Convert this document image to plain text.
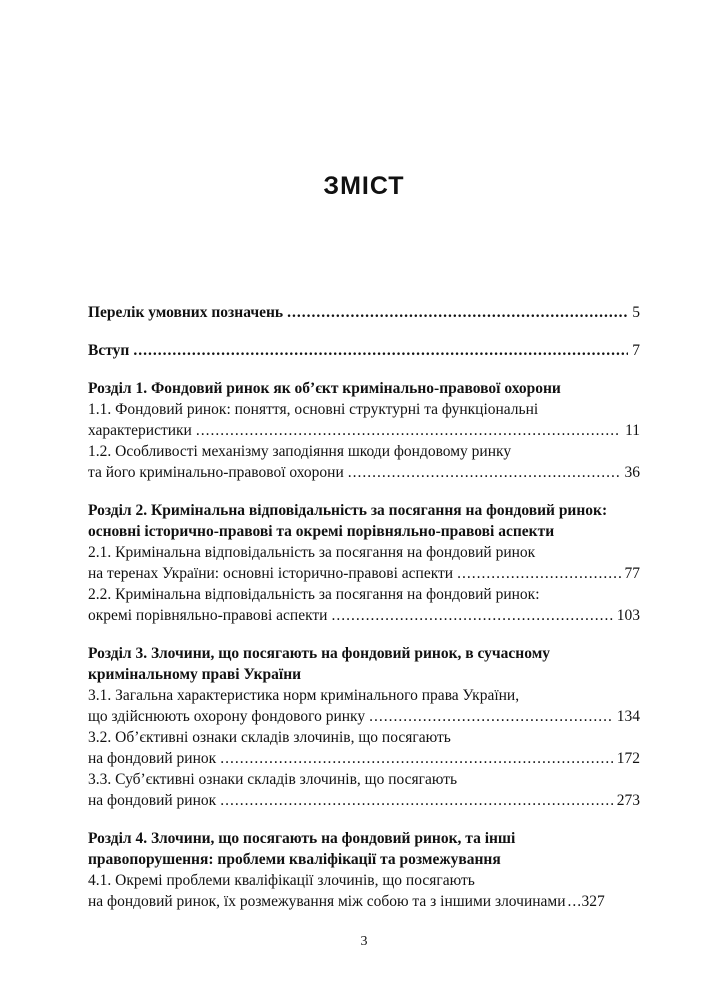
ЗМІСТ
Перелік умовних позначень .....	5
Вступ .....	7
Розділ 1. Фондовий ринок як об’єкт кримінально-правової охорони
1.1. Фондовий ринок: поняття, основні структурні та функціональні
характеристики .....	11
1.2. Особливості механізму заподіяння шкоди фондовому ринку
та його кримінально-правової охорони .....	36
Розділ 2. Кримінальна відповідальність за посягання на фондовий ринок:
основні історично-правові та окремі порівняльно-правові аспекти
2.1. Кримінальна відповідальність за посягання на фондовий ринок
на теренах України: основні історично-правові аспекти .....	77
2.2. Кримінальна відповідальність за посягання на фондовий ринок:
окремі порівняльно-правові аспекти .....	103
Розділ 3. Злочини, що посягають на фондовий ринок, в сучасному
кримінальному праві України
3.1. Загальна характеристика норм кримінального права України,
що здійснюють охорону фондового ринку .....	134
3.2. Об’єктивні ознаки складів злочинів, що посягають
на фондовий ринок .....	172
3.3. Суб’єктивні ознаки складів злочинів, що посягають
на фондовий ринок .....	273
Розділ 4. Злочини, що посягають на фондовий ринок, та інші
правопорушення: проблеми кваліфікації та розмежування
4.1. Окремі проблеми кваліфікації злочинів, що посягають
на фондовий ринок, їх розмежування між собою та з іншими злочинами ..... 327
3
